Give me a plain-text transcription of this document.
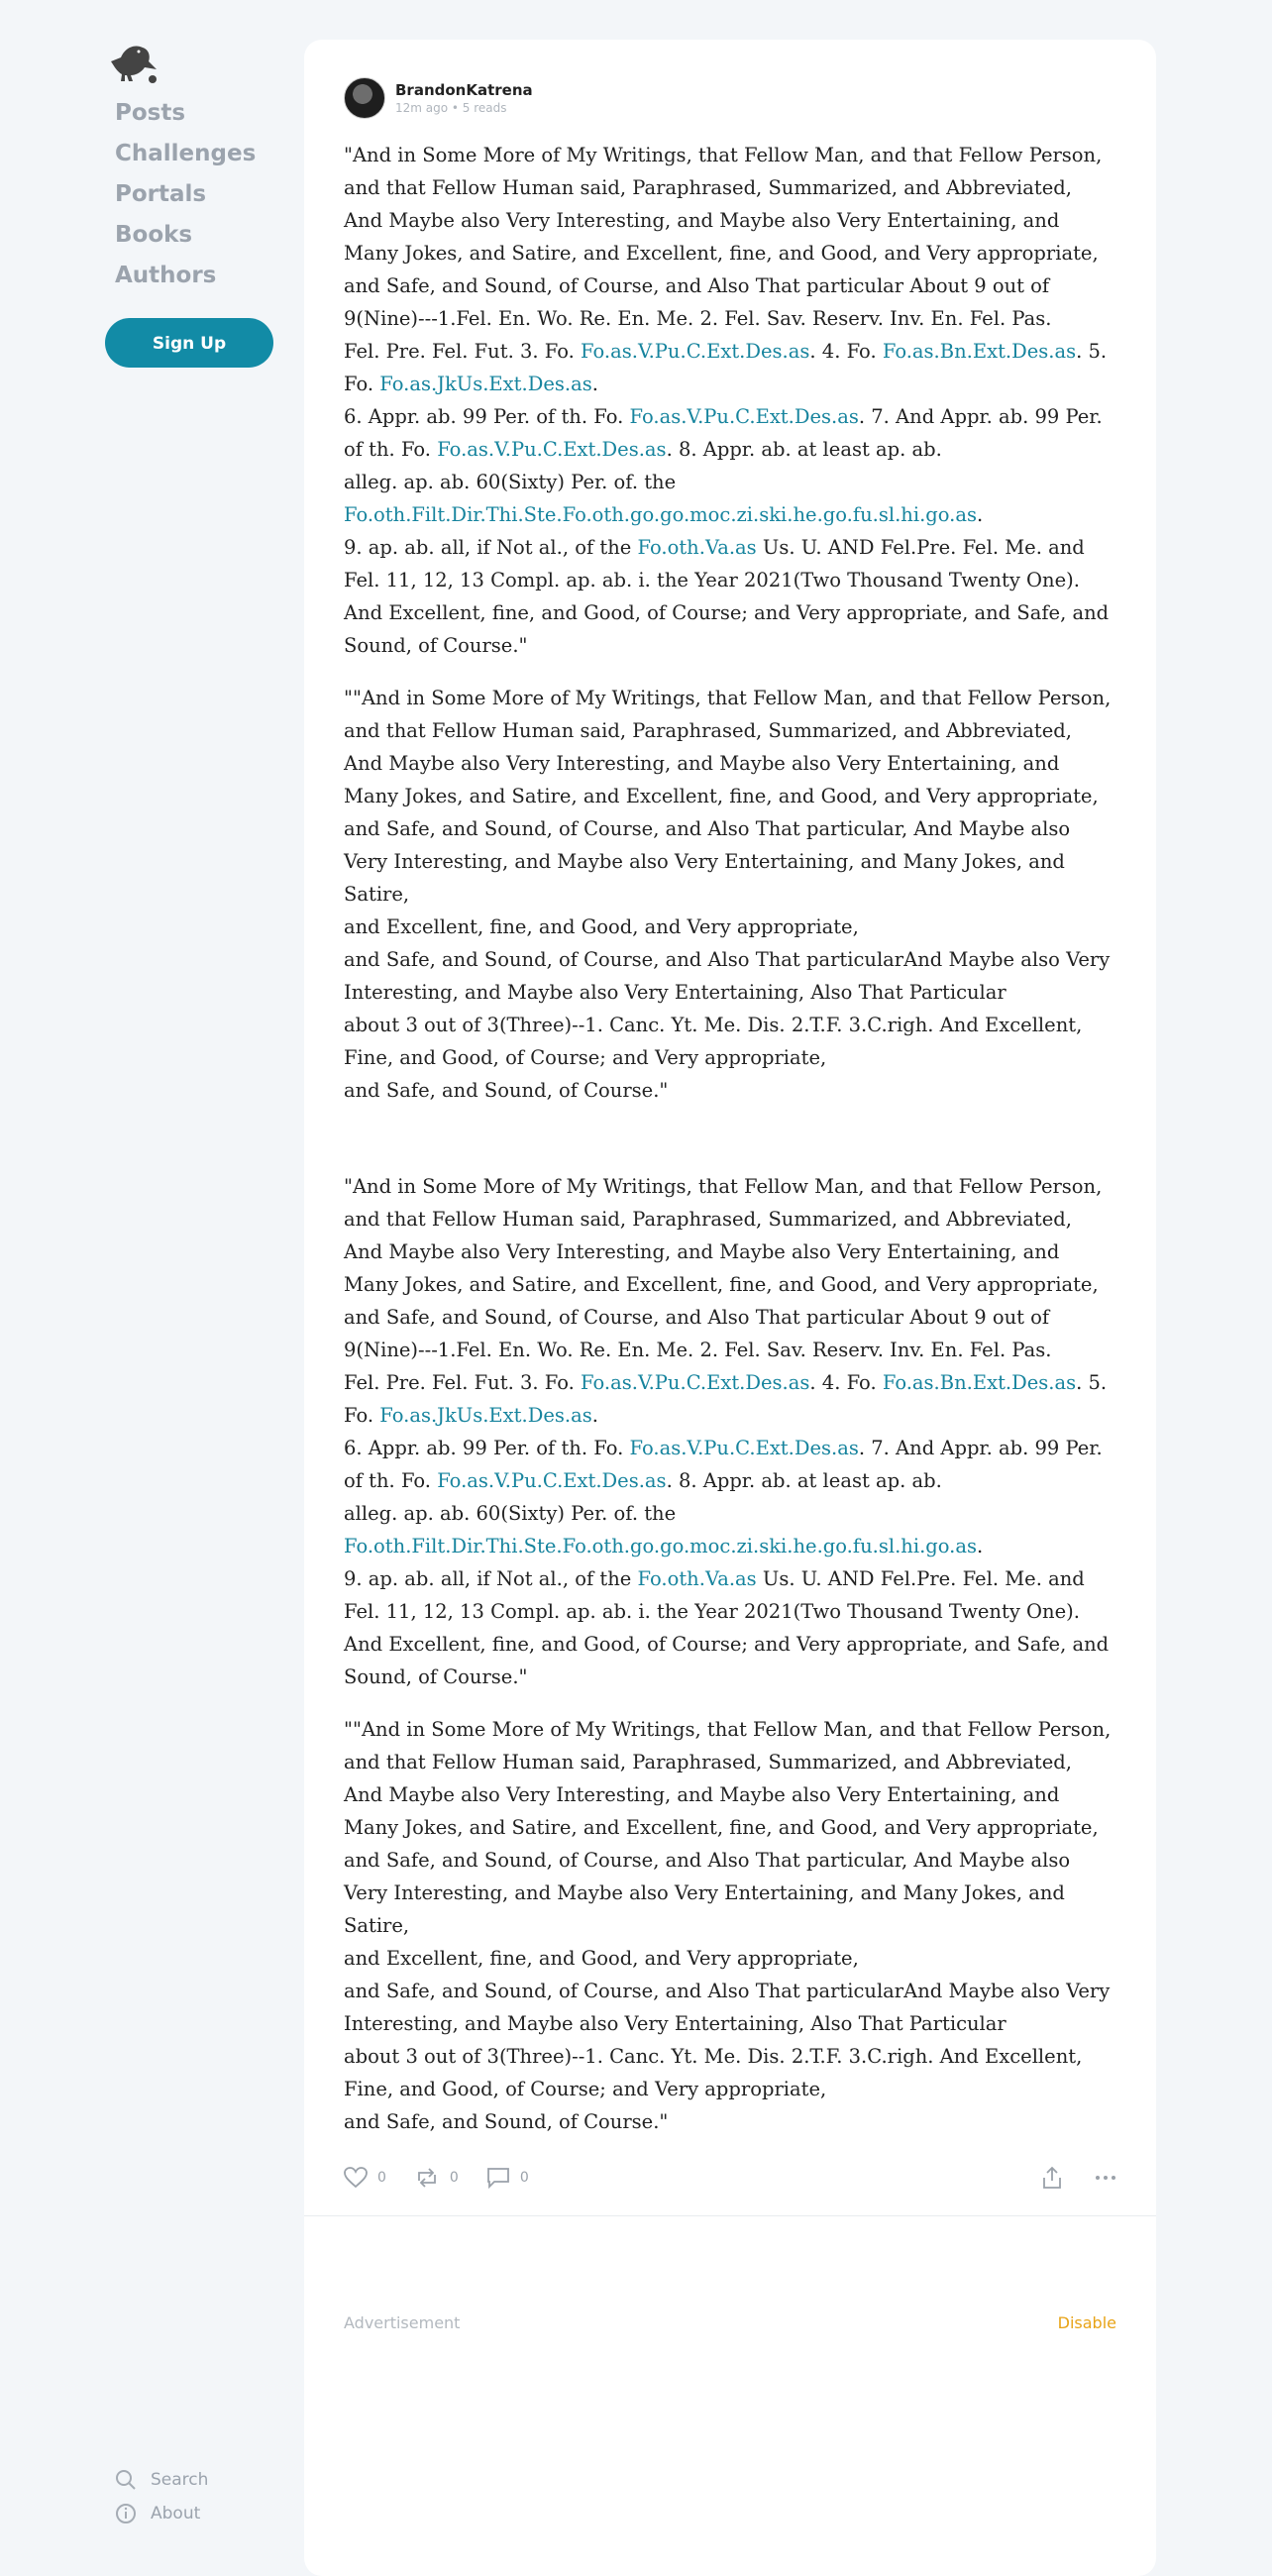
Posts
Challenges
Portals
Books
Authors
Sign Up
Search
About
BrandonKatrena
12m ago • 5 reads

"And in Some More of My Writings, that Fellow Man, and that Fellow Person, and that Fellow Human said, Paraphrased, Summarized, and Abbreviated,

And Maybe also Very Interesting, and Maybe also Very Entertaining, and Many Jokes, and Satire, and Excellent, fine, and Good, and Very appropriate,

and Safe, and Sound, of Course, and Also That particular About 9 out of 9(Nine)---1.Fel. En. Wo. Re. En. Me. 2. Fel. Sav. Reserv. Inv. En. Fel. Pas.

Fel. Pre. Fel. Fut. 3. Fo. Fo.as.V.Pu.C.Ext.Des.as. 4. Fo. Fo.as.Bn.Ext.Des.as. 5. Fo. Fo.as.JkUs.Ext.Des.as.

6. Appr. ab. 99 Per. of th. Fo. Fo.as.V.Pu.C.Ext.Des.as. 7. And Appr. ab. 99 Per. of th. Fo. Fo.as.V.Pu.C.Ext.Des.as. 8. Appr. ab. at least ap. ab.

alleg. ap. ab. 60(Sixty) Per. of. the

Fo.oth.Filt.Dir.Thi.Ste.Fo.oth.go.go.moc.zi.ski.he.go.fu.sl.hi.go.as.

9. ap. ab. all, if Not al., of the Fo.oth.Va.as Us. U. AND Fel.Pre. Fel. Me. and Fel. 11, 12, 13 Compl. ap. ab. i. the Year 2021(Two Thousand Twenty One).

And Excellent, fine, and Good, of Course; and Very appropriate, and Safe, and Sound, of Course."

""And in Some More of My Writings, that Fellow Man, and that Fellow Person, and that Fellow Human said, Paraphrased, Summarized, and Abbreviated,

And Maybe also Very Interesting, and Maybe also Very Entertaining, and Many Jokes, and Satire, and Excellent, fine, and Good, and Very appropriate,

and Safe, and Sound, of Course, and Also That particular, And Maybe also Very Interesting, and Maybe also Very Entertaining, and Many Jokes, and Satire,

and Excellent, fine, and Good, and Very appropriate,

and Safe, and Sound, of Course, and Also That particularAnd Maybe also Very Interesting, and Maybe also Very Entertaining, Also That Particular

about 3 out of 3(Three)--1. Canc. Yt. Me. Dis. 2.T.F. 3.C.righ. And Excellent, Fine, and Good, of Course; and Very appropriate,

and Safe, and Sound, of Course."

"And in Some More of My Writings, that Fellow Man, and that Fellow Person, and that Fellow Human said, Paraphrased, Summarized, and Abbreviated,

And Maybe also Very Interesting, and Maybe also Very Entertaining, and Many Jokes, and Satire, and Excellent, fine, and Good, and Very appropriate,

and Safe, and Sound, of Course, and Also That particular About 9 out of 9(Nine)---1.Fel. En. Wo. Re. En. Me. 2. Fel. Sav. Reserv. Inv. En. Fel. Pas.

Fel. Pre. Fel. Fut. 3. Fo. Fo.as.V.Pu.C.Ext.Des.as. 4. Fo. Fo.as.Bn.Ext.Des.as. 5. Fo. Fo.as.JkUs.Ext.Des.as.

6. Appr. ab. 99 Per. of th. Fo. Fo.as.V.Pu.C.Ext.Des.as. 7. And Appr. ab. 99 Per. of th. Fo. Fo.as.V.Pu.C.Ext.Des.as. 8. Appr. ab. at least ap. ab.

alleg. ap. ab. 60(Sixty) Per. of. the

Fo.oth.Filt.Dir.Thi.Ste.Fo.oth.go.go.moc.zi.ski.he.go.fu.sl.hi.go.as.

9. ap. ab. all, if Not al., of the Fo.oth.Va.as Us. U. AND Fel.Pre. Fel. Me. and Fel. 11, 12, 13 Compl. ap. ab. i. the Year 2021(Two Thousand Twenty One).

And Excellent, fine, and Good, of Course; and Very appropriate, and Safe, and Sound, of Course."

""And in Some More of My Writings, that Fellow Man, and that Fellow Person, and that Fellow Human said, Paraphrased, Summarized, and Abbreviated,

And Maybe also Very Interesting, and Maybe also Very Entertaining, and Many Jokes, and Satire, and Excellent, fine, and Good, and Very appropriate,

and Safe, and Sound, of Course, and Also That particular, And Maybe also Very Interesting, and Maybe also Very Entertaining, and Many Jokes, and Satire,

and Excellent, fine, and Good, and Very appropriate,

and Safe, and Sound, of Course, and Also That particularAnd Maybe also Very Interesting, and Maybe also Very Entertaining, Also That Particular

about 3 out of 3(Three)--1. Canc. Yt. Me. Dis. 2.T.F. 3.C.righ. And Excellent, Fine, and Good, of Course; and Very appropriate,

and Safe, and Sound, of Course."

0	0	0
Advertisement	Disable
